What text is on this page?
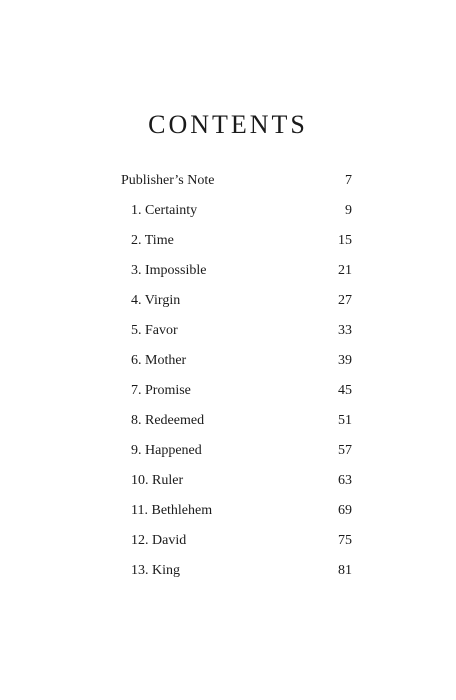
CONTENTS
Publisher’s Note	7
1. Certainty	9
2. Time	15
3. Impossible	21
4. Virgin	27
5. Favor	33
6. Mother	39
7. Promise	45
8. Redeemed	51
9. Happened	57
10. Ruler	63
11. Bethlehem	69
12. David	75
13. King	81
